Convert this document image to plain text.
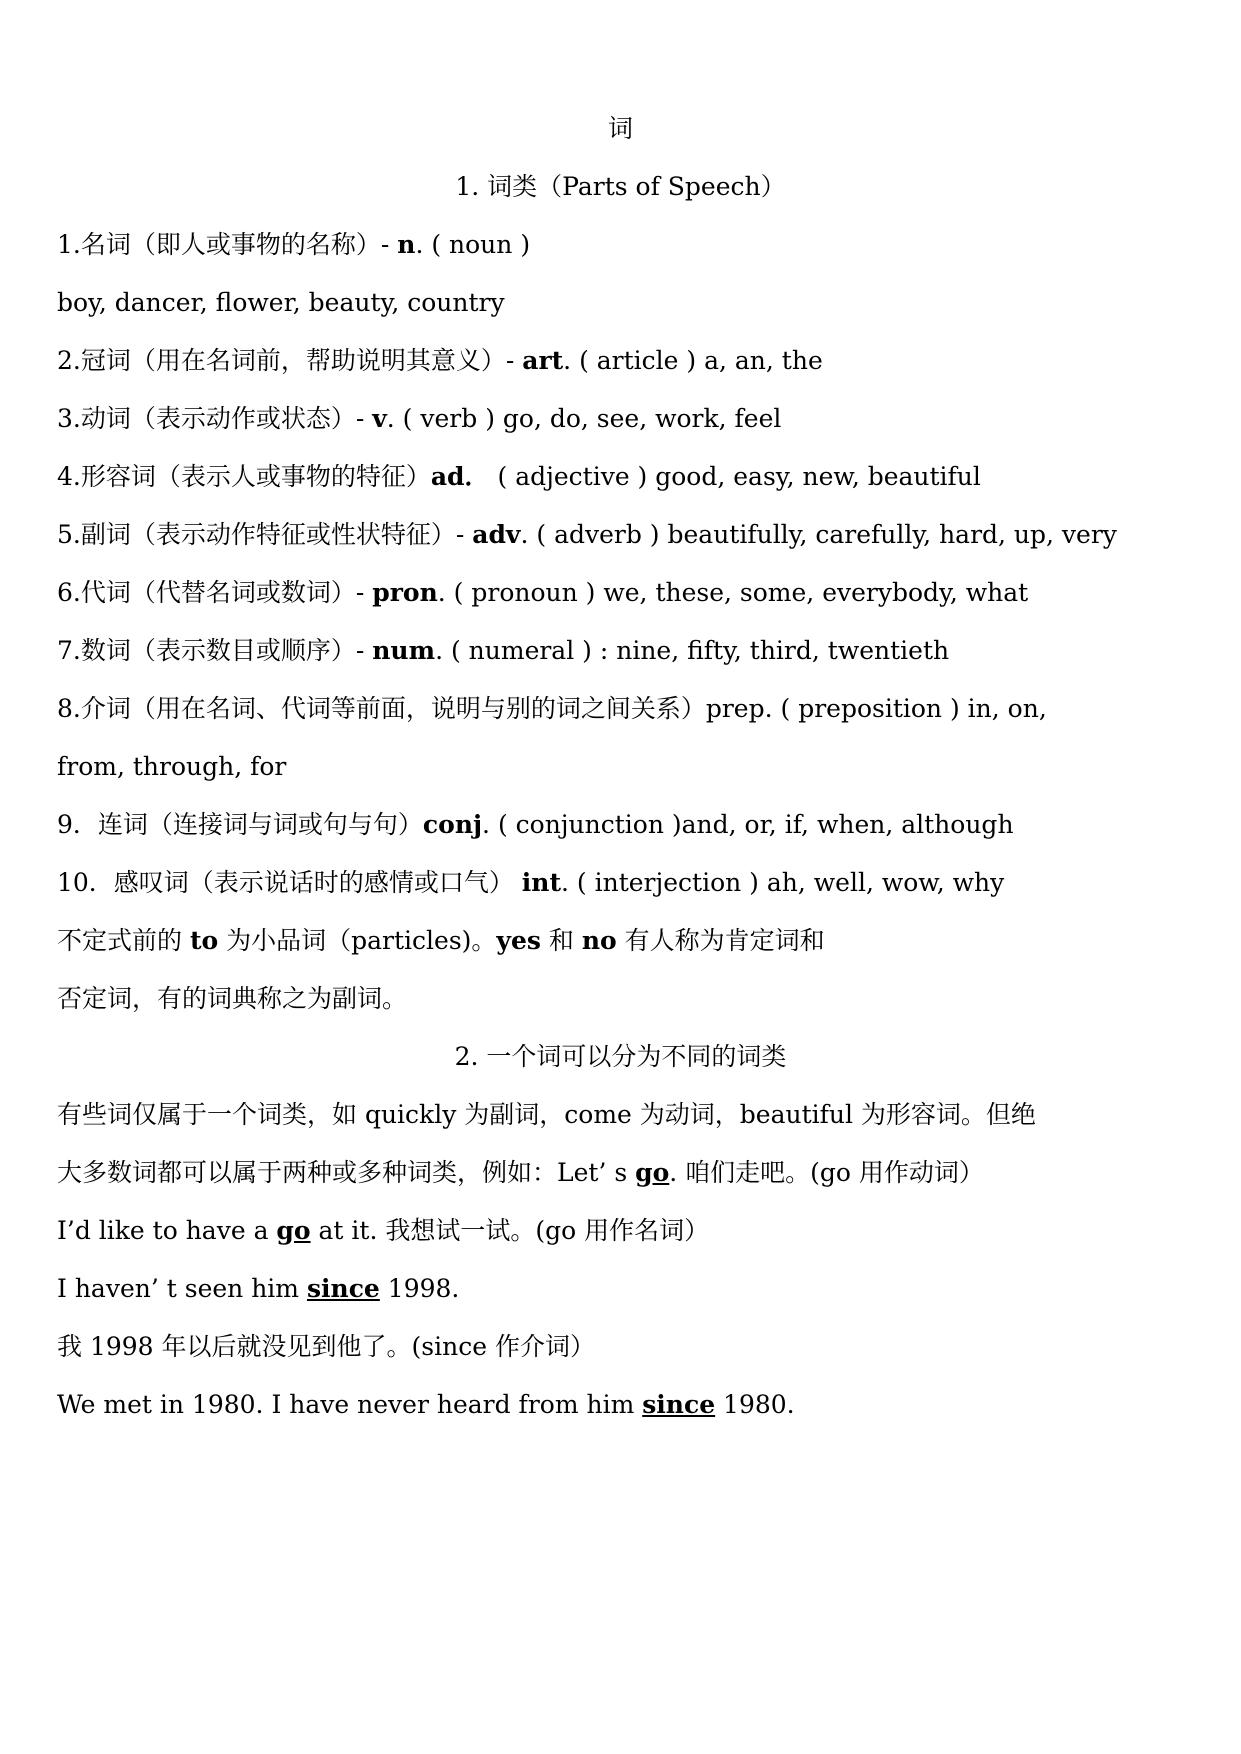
词
1. 词类（Parts of Speech）
1.名词（即人或事物的名称）- n. ( noun )
boy, dancer, flower, beauty, country
2.冠词（用在名词前，帮助说明其意义）- art. ( article ) a, an, the
3.动词（表示动作或状态）- v. ( verb ) go, do, see, work, feel
4.形容词（表示人或事物的特征）ad． ( adjective ) good, easy, new, beautiful
5.副词（表示动作特征或性状特征）- adv. ( adverb ) beautifully, carefully, hard, up, very
6.代词（代替名词或数词）- pron. ( pronoun ) we, these, some, everybody, what
7.数词（表示数目或顺序）- num. ( numeral ) : nine, fifty, third, twentieth
8.介词（用在名词、代词等前面，说明与别的词之间关系）prep. ( preposition ) in, on,
from, through, for
9．连词（连接词与词或句与句）conj. ( conjunction )and, or, if, when, although
10．感叹词（表示说话时的感情或口气） int. ( interjection ) ah, well, wow, why
不定式前的 to 为小品词（particles)。yes 和 no 有人称为肯定词和
否定词，有的词典称之为副词。
2. 一个词可以分为不同的词类
有些词仅属于一个词类，如 quickly 为副词，come 为动词，beautiful 为形容词。但绝
大多数词都可以属于两种或多种词类，例如：Let’ s go. 咱们走吧。(go 用作动词）
I’d like to have a go at it. 我想试一试。(go 用作名词）
I haven’ t seen him since 1998.
我 1998 年以后就没见到他了。(since 作介词）
We met in 1980. I have never heard from him since 1980.
